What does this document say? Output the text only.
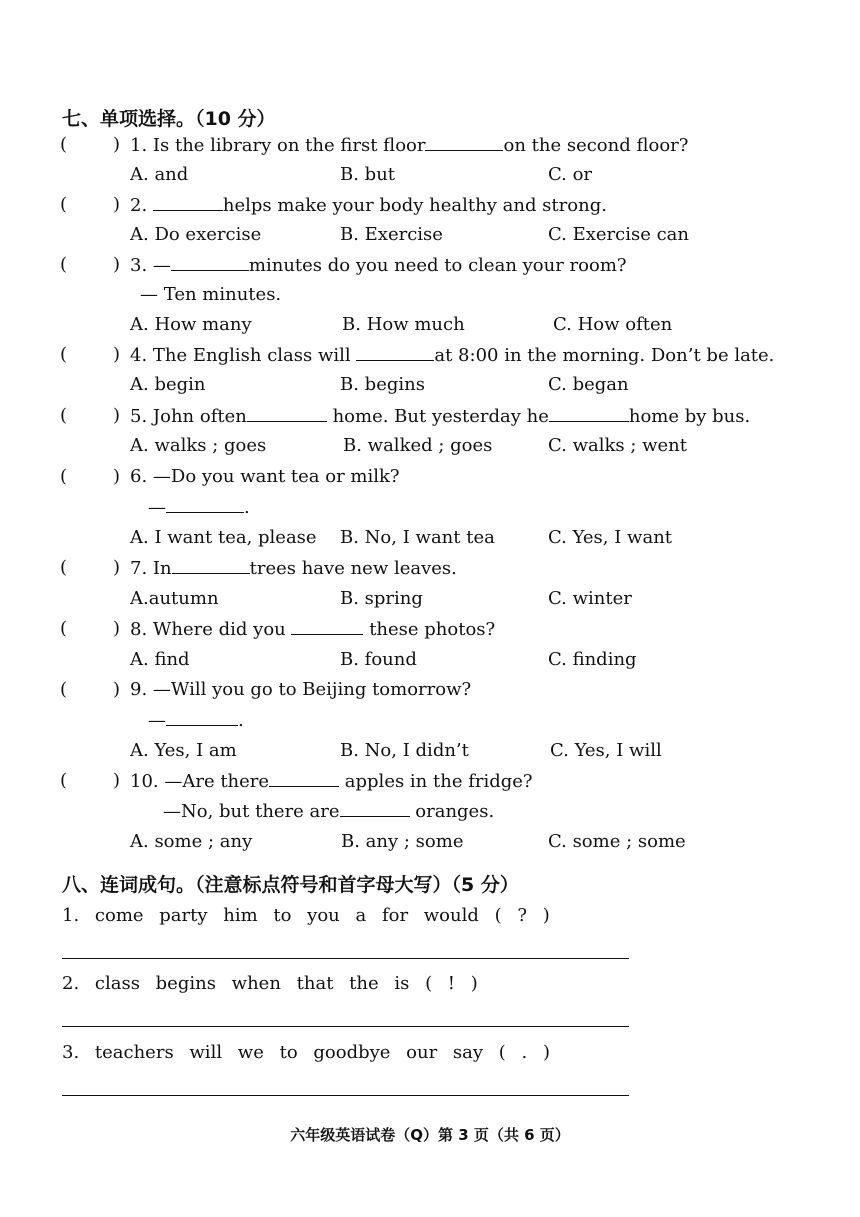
七、单项选择。（10 分）
(	) 1. Is the library on the first floor	on the second floor?
A. and	B. but	C. or
(	) 2.	helps make your body healthy and strong.
A. Do exercise	B. Exercise	C. Exercise can
(	) 3. —	minutes do you need to clean your room?
— Ten minutes.
A. How many	B. How much	C. How often
(	) 4. The English class will	at 8:00 in the morning. Don’t be late.
A. begin	B. begins	C. began
(	) 5. John often	home. But yesterday he	home by bus.
A. walks ; goes	B. walked ; goes	C. walks ; went
(	) 6. —Do you want tea or milk?
—	.
A. I want tea, please B. No, I want tea	C. Yes, I want
(	) 7. In	trees have new leaves.
A.autumn	B. spring	C. winter
(	) 8. Where did you	these photos?
A. find	B. found	C. finding
(	) 9. —Will you go to Beijing tomorrow?
—	.
A. Yes, I am	B. No, I didn’t	C. Yes, I will
(	) 10. —Are there	apples in the fridge?
—No, but there are	oranges.
A. some ; any	B. any ; some	C. some ; some
八、连词成句。（注意标点符号和首字母大写）（5 分）
1. come party him to you a for would ( ? )
2. class begins when that the is ( ! )
3. teachers will we to goodbye our say ( . )
六年级英语试卷（Q）第 3 页（共 6 页）
